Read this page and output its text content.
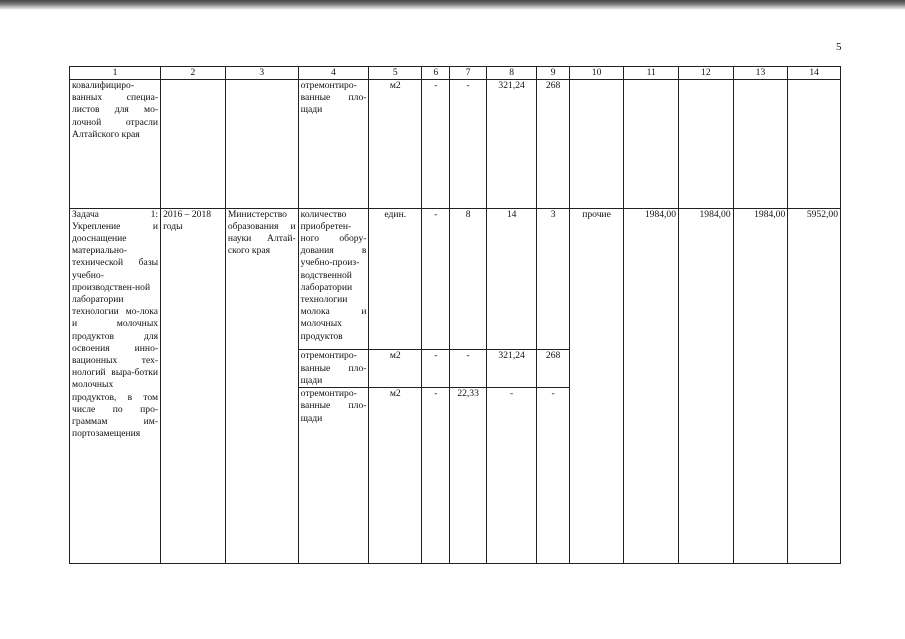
5
1	2	3	4	5	6	7	8	9	10	11	12	13	14
ковалифициро-ванных специа-листов для мо-лочной отрасли Алтайского края			отремонтиро-ванные пло-щади	м2	-	-	321,24	268					
Задача 1: Укрепление и дооснащение материально-технической базы учебно-производствен-ной лаборатории технологии мо-лока и молочных продуктов для освоения инно-вационных тех-нологий выра-ботки молочных продуктов, в том числе по про-граммам им-портозамещения	2016 – 2018 годы	Министерство образования и науки Алтай-ского края	количество приобретен-ного обору-дования в учебно-произ-водственной лаборатории технологии молока и молочных продуктов	един.	-	8	14	3	прочие	1984,00	1984,00	1984,00	5952,00
			отремонтиро-ванные пло-щади	м2	-	-	321,24	268					
			отремонтиро-ванные пло-щади	м2	-	22,33	-	-					
